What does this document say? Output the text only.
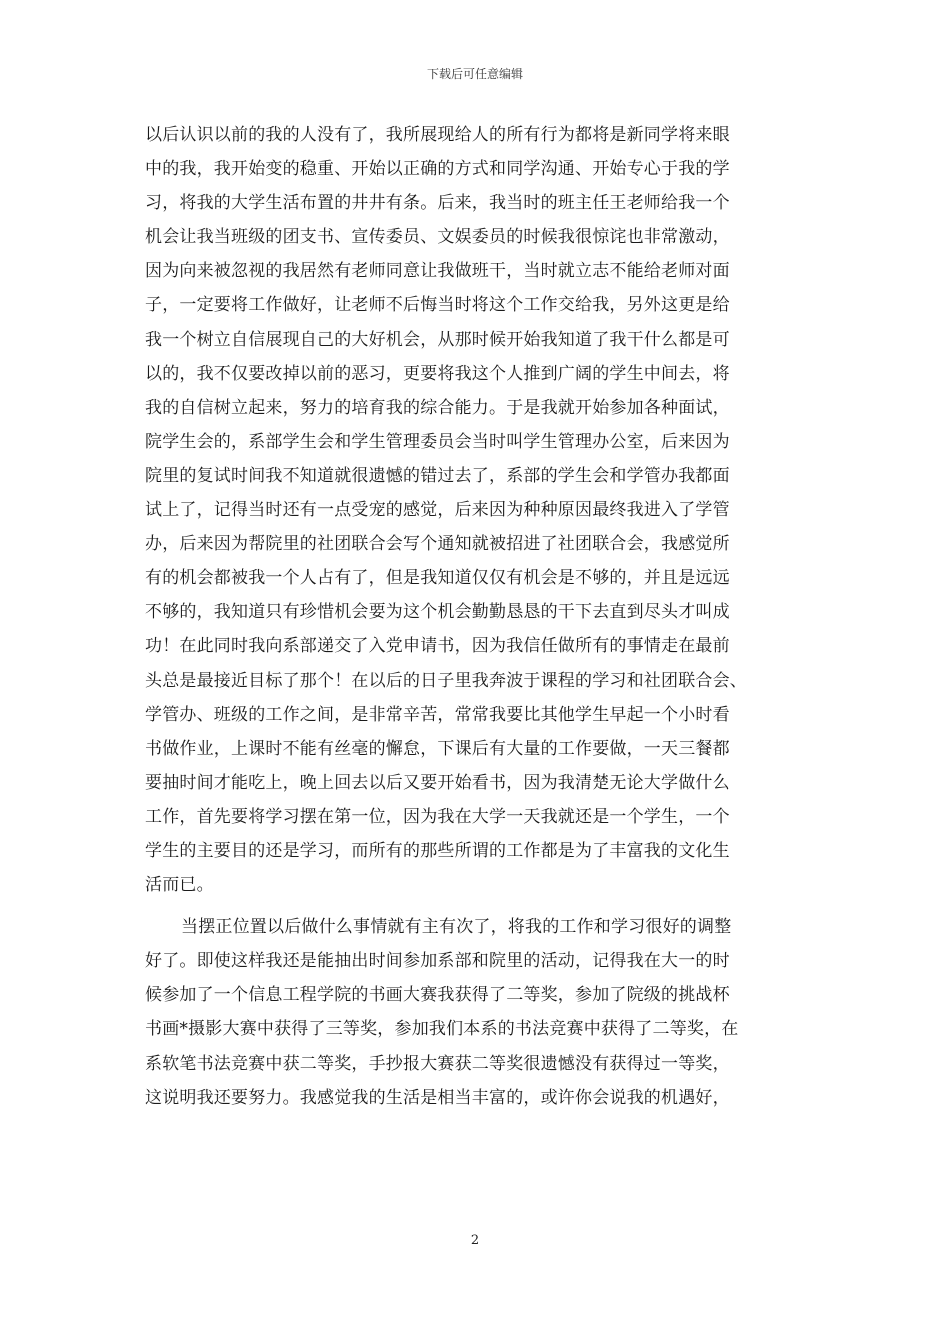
下载后可任意编辑
以后认识以前的我的人没有了，我所展现给人的所有行为都将是新同学将来眼
中的我，我开始变的稳重、开始以正确的方式和同学沟通、开始专心于我的学
习，将我的大学生活布置的井井有条。后来，我当时的班主任王老师给我一个
机会让我当班级的团支书、宣传委员、文娱委员的时候我很惊诧也非常激动，
因为向来被忽视的我居然有老师同意让我做班干，当时就立志不能给老师对面
子，一定要将工作做好，让老师不后悔当时将这个工作交给我，另外这更是给
我一个树立自信展现自己的大好机会，从那时候开始我知道了我干什么都是可
以的，我不仅要改掉以前的恶习，更要将我这个人推到广阔的学生中间去，将
我的自信树立起来，努力的培育我的综合能力。于是我就开始参加各种面试，
院学生会的，系部学生会和学生管理委员会当时叫学生管理办公室，后来因为
院里的复试时间我不知道就很遗憾的错过去了，系部的学生会和学管办我都面
试上了，记得当时还有一点受宠的感觉，后来因为种种原因最终我进入了学管
办，后来因为帮院里的社团联合会写个通知就被招进了社团联合会，我感觉所
有的机会都被我一个人占有了，但是我知道仅仅有机会是不够的，并且是远远
不够的，我知道只有珍惜机会要为这个机会勤勤恳恳的干下去直到尽头才叫成
功！在此同时我向系部递交了入党申请书，因为我信任做所有的事情走在最前
头总是最接近目标了那个！在以后的日子里我奔波于课程的学习和社团联合会、
学管办、班级的工作之间，是非常辛苦，常常我要比其他学生早起一个小时看
书做作业，上课时不能有丝毫的懈怠，下课后有大量的工作要做，一天三餐都
要抽时间才能吃上，晚上回去以后又要开始看书，因为我清楚无论大学做什么
工作，首先要将学习摆在第一位，因为我在大学一天我就还是一个学生，一个
学生的主要目的还是学习，而所有的那些所谓的工作都是为了丰富我的文化生
活而已。
当摆正位置以后做什么事情就有主有次了，将我的工作和学习很好的调整
好了。即使这样我还是能抽出时间参加系部和院里的活动，记得我在大一的时
候参加了一个信息工程学院的书画大赛我获得了二等奖，参加了院级的挑战杯
书画*摄影大赛中获得了三等奖，参加我们本系的书法竞赛中获得了二等奖，在
系软笔书法竞赛中获二等奖，手抄报大赛获二等奖很遗憾没有获得过一等奖，
这说明我还要努力。我感觉我的生活是相当丰富的，或许你会说我的机遇好，
2
